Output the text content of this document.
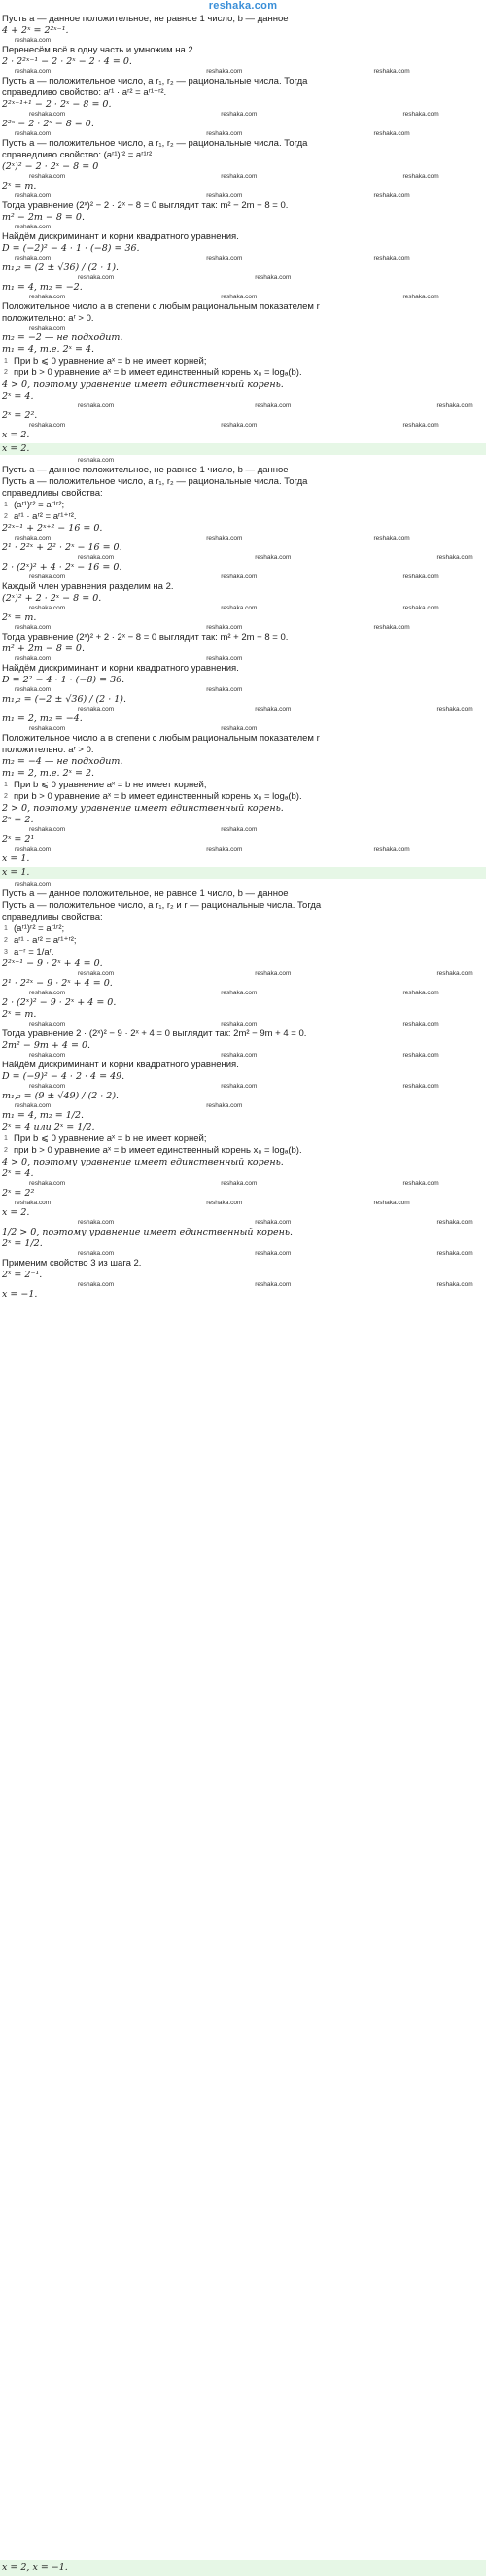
reshaka.com
Пусть a — данное положительное, не равное 1 число, b — данное
4 + 2ˣ = 2²ˣ⁻¹.
reshaka.com
Перенесём всё в одну часть и умножим на 2.
2 · 2²ˣ⁻¹ − 2 · 2ˣ − 2 · 4 = 0.
reshaka.com	reshaka.com	reshaka.com
Пусть a — положительное число, а r₁, r₂ — рациональные числа. Тогда
справедливо свойство: aʳ¹ · aʳ² = aʳ¹⁺ʳ².
2²ˣ⁻¹⁺¹ − 2 · 2ˣ − 8 = 0.
reshaka.com	reshaka.com	reshaka.com
2²ˣ − 2 · 2ˣ − 8 = 0.
reshaka.com	reshaka.com	reshaka.com
Пусть a — положительное число, а r₁, r₂ — рациональные числа. Тогда
справедливо свойство: (aʳ¹)ʳ² = aʳ¹ʳ².
(2ˣ)² − 2 · 2ˣ − 8 = 0
reshaka.com	reshaka.com	reshaka.com
2ˣ = m.
reshaka.com	reshaka.com	reshaka.com
Тогда уравнение (2ˣ)² − 2 · 2ˣ − 8 = 0 выглядит так: m² − 2m − 8 = 0.
m² − 2m − 8 = 0.
reshaka.com
Найдём дискриминант и корни квадратного уравнения.
D = (−2)² − 4 · 1 · (−8) = 36.
reshaka.com	reshaka.com	reshaka.com
m₁,₂ = (2 ± √36) / (2 · 1).
reshaka.com	reshaka.com
m₁ = 4, m₂ = −2.
reshaka.com	reshaka.com	reshaka.com
Положительное число a в степени с любым рациональным показателем r
положительно: aʳ > 0.
reshaka.com
m₂ = −2 — не подходит.
m₁ = 4, т.е. 2ˣ = 4.
1 При b ⩽ 0 уравнение aˣ = b не имеет корней;
2 при b > 0 уравнение aˣ = b имеет единственный корень x₀ = logₐ(b).
4 > 0, поэтому уравнение имеет единственный корень.
2ˣ = 4.
reshaka.com	reshaka.com	reshaka.com
2ˣ = 2².
reshaka.com	reshaka.com	reshaka.com
x = 2.
x = 2.
reshaka.com
Пусть a — данное положительное, не равное 1 число, b — данное
Пусть a — положительное число, а r₁, r₂ — рациональные числа. Тогда
справедливы свойства:
1 (aʳ¹)ʳ² = aʳ¹ʳ²;
2 aʳ¹ · aʳ² = aʳ¹⁺ʳ².
2²ˣ⁺¹ + 2ˣ⁺² − 16 = 0.
reshaka.com	reshaka.com	reshaka.com
2¹ · 2²ˣ + 2² · 2ˣ − 16 = 0.
reshaka.com	reshaka.com	reshaka.com
2 · (2ˣ)² + 4 · 2ˣ − 16 = 0.
reshaka.com	reshaka.com	reshaka.com
Каждый член уравнения разделим на 2.
(2ˣ)² + 2 · 2ˣ − 8 = 0.
reshaka.com	reshaka.com	reshaka.com
2ˣ = m.
reshaka.com	reshaka.com	reshaka.com
Тогда уравнение (2ˣ)² + 2 · 2ˣ − 8 = 0 выглядит так: m² + 2m − 8 = 0.
m² + 2m − 8 = 0.
reshaka.com	reshaka.com
Найдём дискриминант и корни квадратного уравнения.
D = 2² − 4 · 1 · (−8) = 36.
reshaka.com	reshaka.com
m₁,₂ = (−2 ± √36) / (2 · 1).
reshaka.com	reshaka.com	reshaka.com
m₁ = 2, m₂ = −4.
reshaka.com	reshaka.com
Положительное число a в степени с любым рациональным показателем r
положительно: aʳ > 0.
m₂ = −4 — не подходит.
m₁ = 2, т.е. 2ˣ = 2.
1 При b ⩽ 0 уравнение aˣ = b не имеет корней;
2 при b > 0 уравнение aˣ = b имеет единственный корень x₀ = logₐ(b).
2 > 0, поэтому уравнение имеет единственный корень.
2ˣ = 2.
reshaka.com	reshaka.com
2ˣ = 2¹
reshaka.com	reshaka.com	reshaka.com
x = 1.
x = 1.
reshaka.com
Пусть a — данное положительное, не равное 1 число, b — данное
Пусть a — положительное число, а r₁, r₂ и r — рациональные числа. Тогда
справедливы свойства:
1 (aʳ¹)ʳ² = aʳ¹ʳ²;
2 aʳ¹ · aʳ² = aʳ¹⁺ʳ²;
3 a⁻ʳ = 1/aʳ.
2²ˣ⁺¹ − 9 · 2ˣ + 4 = 0.
reshaka.com	reshaka.com	reshaka.com
2¹ · 2²ˣ − 9 · 2ˣ + 4 = 0.
reshaka.com	reshaka.com	reshaka.com
2 · (2ˣ)² − 9 · 2ˣ + 4 = 0.
2ˣ = m.
reshaka.com	reshaka.com	reshaka.com
Тогда уравнение 2 · (2ˣ)² − 9 · 2ˣ + 4 = 0 выглядит так: 2m² − 9m + 4 = 0.
2m² − 9m + 4 = 0.
reshaka.com	reshaka.com	reshaka.com
Найдём дискриминант и корни квадратного уравнения.
D = (−9)² − 4 · 2 · 4 = 49.
reshaka.com	reshaka.com	reshaka.com
m₁,₂ = (9 ± √49) / (2 · 2).
reshaka.com	reshaka.com
m₁ = 4, m₂ = 1/2.
2ˣ = 4 или 2ˣ = 1/2.
1 При b ⩽ 0 уравнение aˣ = b не имеет корней;
2 при b > 0 уравнение aˣ = b имеет единственный корень x₀ = logₐ(b).
4 > 0, поэтому уравнение имеет единственный корень.
2ˣ = 4.
reshaka.com	reshaka.com	reshaka.com
2ˣ = 2²
reshaka.com	reshaka.com	reshaka.com
x = 2.
reshaka.com	reshaka.com	reshaka.com
1/2 > 0, поэтому уравнение имеет единственный корень.
2ˣ = 1/2.
reshaka.com	reshaka.com	reshaka.com
Применим свойство 3 из шага 2.
2ˣ = 2⁻¹.
reshaka.com	reshaka.com	reshaka.com
x = −1.
x = 2, x = −1.
